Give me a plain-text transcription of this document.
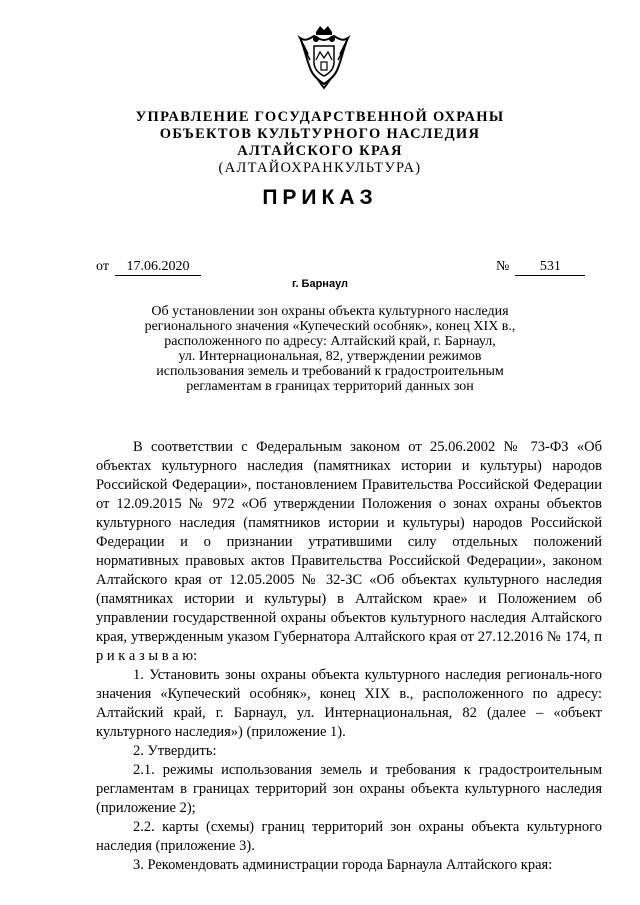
УПРАВЛЕНИЕ ГОСУДАРСТВЕННОЙ ОХРАНЫ
ОБЪЕКТОВ КУЛЬТУРНОГО НАСЛЕДИЯ
АЛТАЙСКОГО КРАЯ
(АЛТАЙОХРАНКУЛЬТУРА)
ПРИКАЗ
от 17.06.2020	№ 531
г. Барнаул
Об установлении зон охраны объекта культурного наследия
регионального значения «Купеческий особняк», конец XIX в.,
расположенного по адресу: Алтайский край, г. Барнаул,
ул. Интернациональная, 82, утверждении режимов
использования земель и требований к градостроительным
регламентам в границах территорий данных зон
В соответствии с Федеральным законом от 25.06.2002 № 73-ФЗ «Об объектах культурного наследия (памятниках истории и культуры) народов Российской Федерации», постановлением Правительства Российской Федерации от 12.09.2015 № 972 «Об утверждении Положения о зонах охраны объектов культурного наследия (памятников истории и культуры) народов Российской Федерации и о признании утратившими силу отдельных положений нормативных правовых актов Правительства Российской Федерации», законом Алтайского края от 12.05.2005 № 32-ЗС «Об объектах культурного наследия (памятниках истории и культуры) в Алтайском крае» и Положением об управлении государственной охраны объектов культурного наследия Алтайского края, утвержденным указом Губернатора Алтайского края от 27.12.2016 № 174, п р и к а з ы в а ю:
1. Установить зоны охраны объекта культурного наследия региональ-ного значения «Купеческий особняк», конец XIX в., расположенного по адресу: Алтайский край, г. Барнаул, ул. Интернациональная, 82 (далее – «объект культурного наследия») (приложение 1).
2. Утвердить:
2.1. режимы использования земель и требования к градостроительным регламентам в границах территорий зон охраны объекта культурного наследия (приложение 2);
2.2. карты (схемы) границ территорий зон охраны объекта культурного наследия (приложение 3).
3. Рекомендовать администрации города Барнаула Алтайского края:
